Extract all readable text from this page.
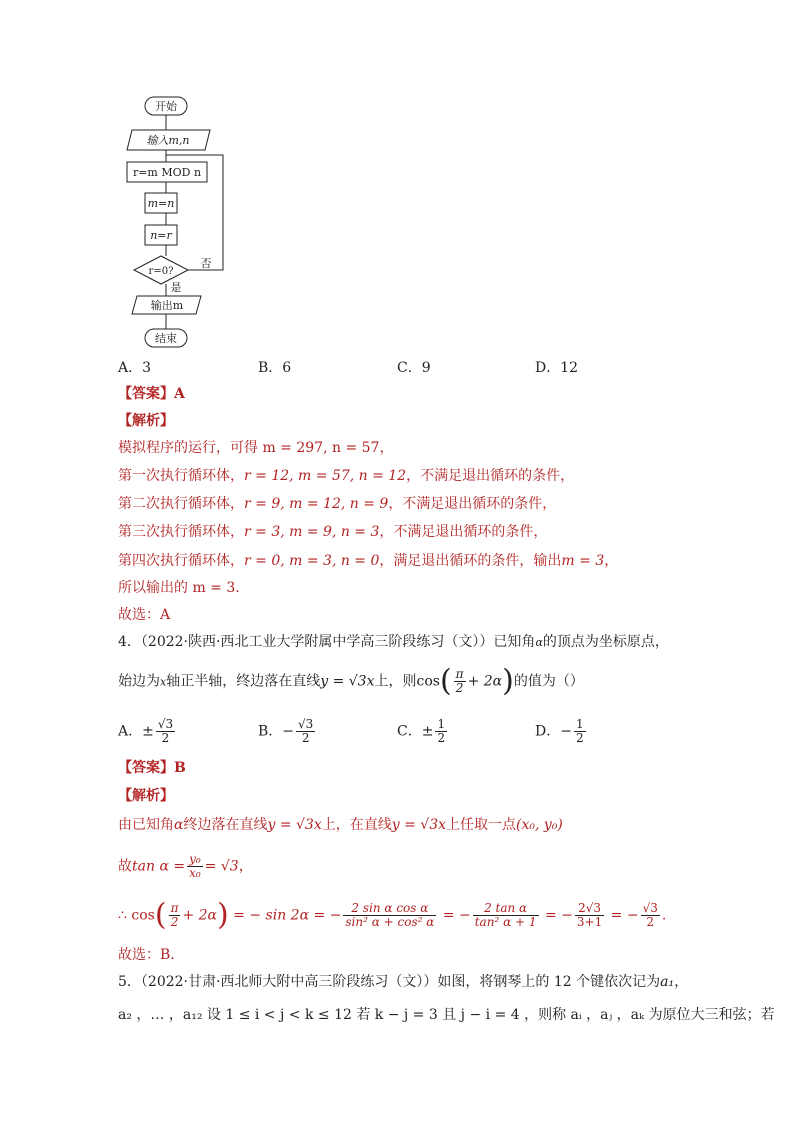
开始
输入m,n
r=m MOD n
m=n
n=r
r=0?
否
是
输出m
结束
A．3	B．6	C．9	D．12
【答案】A
【解析】
模拟程序的运行，可得 m = 297, n = 57，
第一次执行循环体，r = 12, m = 57, n = 12，不满足退出循环的条件，
第二次执行循环体，r = 9, m = 12, n = 9，不满足退出循环的条件，
第三次执行循环体，r = 3, m = 9, n = 3，不满足退出循环的条件，
第四次执行循环体，r = 0, m = 3, n = 0，满足退出循环的条件，输出m = 3，
所以输出的 m = 3.
故选：A
4．（2022·陕西·西北工业大学附属中学高三阶段练习（文））已知角α的顶点为坐标原点，
始边为x轴正半轴，终边落在直线y = √3x上，则$\cos( \frac{\pi}{2} + 2\alpha)$的值为（）
A．± $\frac{√3}{2}$	B．− $\frac{√3}{2}$	C．± $\frac{1}{2}$	D．− $\frac{1}{2}$
【答案】B
【解析】
由已知角α终边落在直线y = √3x上，在直线y = √3x上任取一点(x₀, y₀)
故$\tan \alpha = \frac{\text{y₀}}{\text{x₀}} = √3$，
∴ $\cos( \frac{\pi}{2} + 2\alpha)$ = − sin 2α = − $\frac{\text{2 sin α cos α}}{\text{sin² α + cos² α}}$ = − $\frac{\text{2 tan α}}{\text{tan² α + 1}}$ = − $\frac{2√3}{3+1}$ = − $\frac{√3}{2}$ .
故选：B.
5．（2022·甘肃·西北师大附中高三阶段练习（文））如图，将钢琴上的 12 个键依次记为a₁，
a₂ ，… ，a₁₂ 设 1 ≤ i < j < k ≤ 12 若 k − j = 3 且 j − i = 4 ，则称 aᵢ ，aⱼ ，aₖ 为原位大三和弦；若
